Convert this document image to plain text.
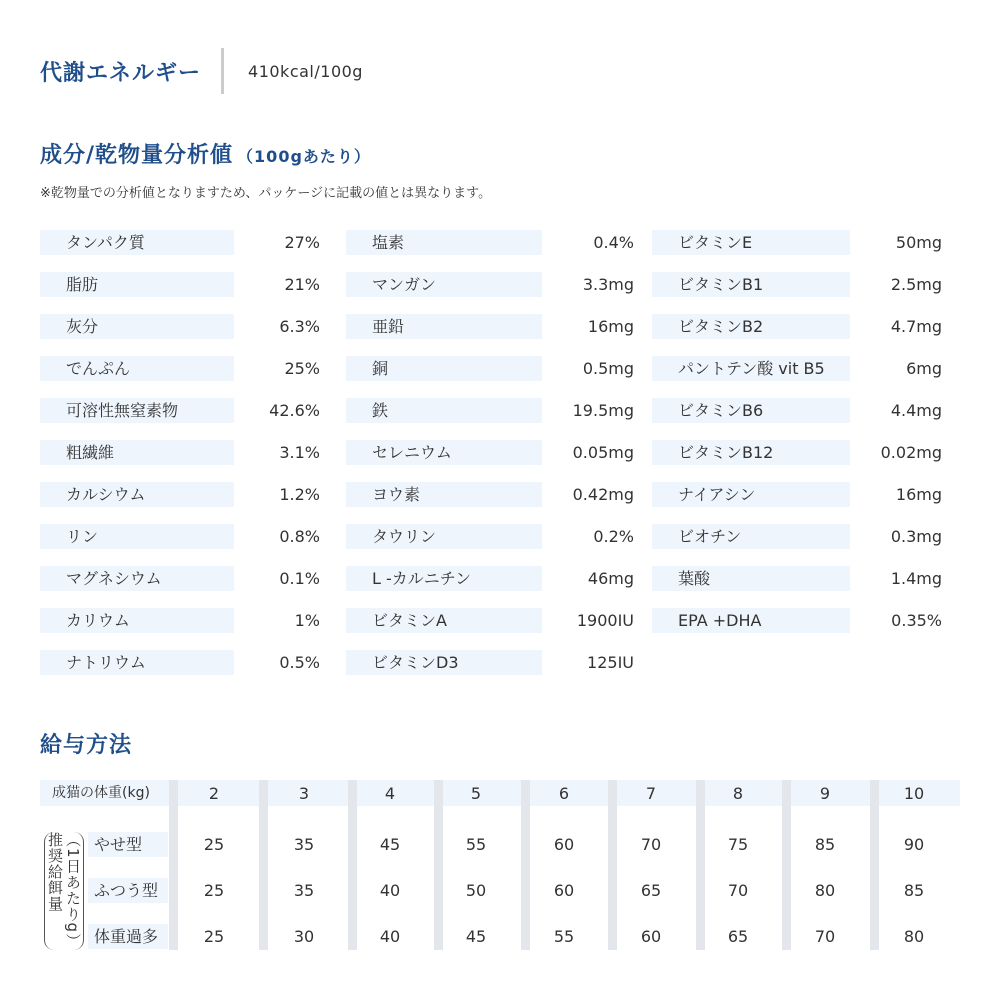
代謝エネルギー	410kcal/100g
成分/乾物量分析値 （100gあたり）
※乾物量での分析値となりますため、パッケージに記載の値とは異なります。
タンパク質	27%
脂肪	21%
灰分	6.3%
でんぷん	25%
可溶性無窒素物	42.6%
粗繊維	3.1%
カルシウム	1.2%
リン	0.8%
マグネシウム	0.1%
カリウム	1%
ナトリウム	0.5%
塩素	0.4%
マンガン	3.3mg
亜鉛	16mg
銅	0.5mg
鉄	19.5mg
セレニウム	0.05mg
ヨウ素	0.42mg
タウリン	0.2%
L -カルニチン	46mg
ビタミンA	1900IU
ビタミンD3	125IU
ビタミンE	50mg
ビタミンB1	2.5mg
ビタミンB2	4.7mg
パントテン酸 vit B5	6mg
ビタミンB6	4.4mg
ビタミンB12	0.02mg
ナイアシン	16mg
ビオチン	0.3mg
葉酸	1.4mg
EPA +DHA	0.35%
給与方法
成猫の体重(kg)
（1日あたりg）推奨給餌量
2	3	4	5	6	7	8	9	10
やせ型	25	35	45	55	60	70	75	85	90
ふつう型	25	35	40	50	60	65	70	80	85
体重過多	25	30	40	45	55	60	65	70	80
